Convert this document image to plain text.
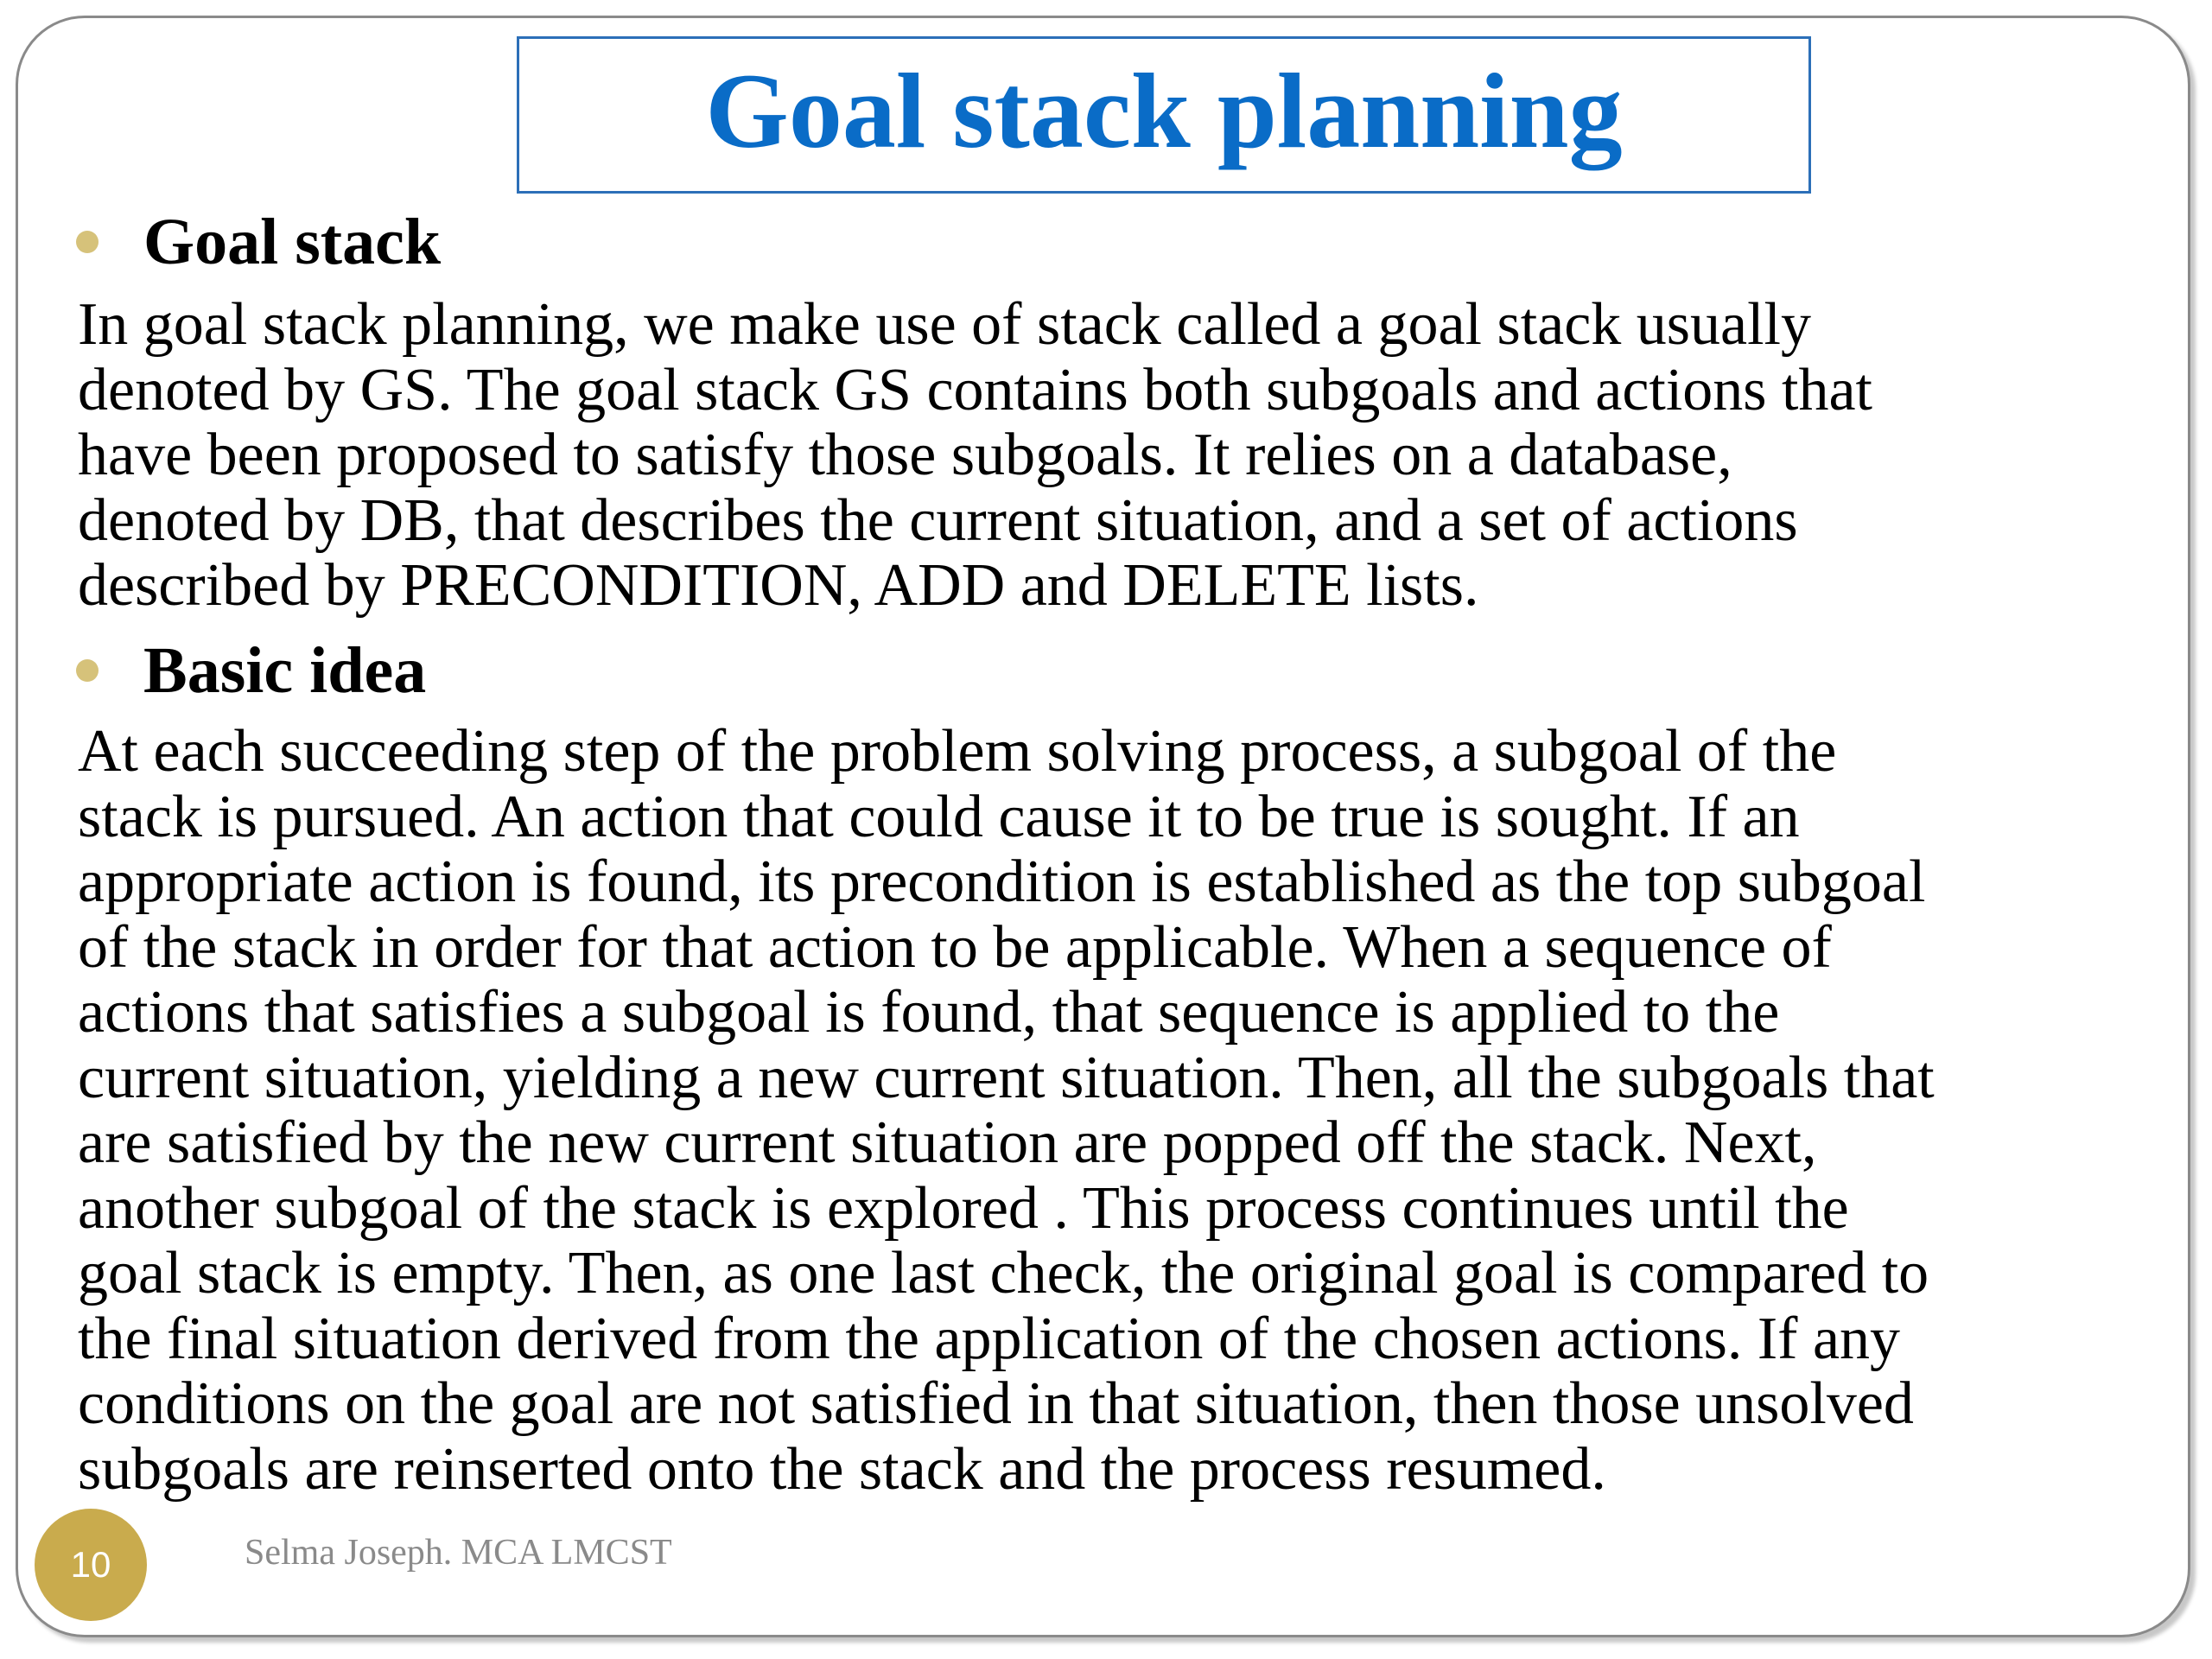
Goal stack planning
Goal stack
In goal stack planning, we make use of stack called a goal stack usually
denoted by GS. The goal stack GS contains both subgoals and actions that
have been proposed to satisfy those subgoals. It relies on a database,
denoted by DB, that describes the current situation, and a set of actions
described by PRECONDITION, ADD and DELETE lists.
Basic idea
At each succeeding step of the problem solving process, a subgoal of the
stack is pursued. An action that could cause it to be true is sought. If an
appropriate action is found, its precondition is established as the top subgoal
of the stack in order for that action to be applicable. When a sequence of
actions that satisfies a subgoal is found, that sequence is applied to the
current situation, yielding a new current situation. Then, all the subgoals that
are satisfied by the new current situation are popped off the stack. Next,
another subgoal of the stack is explored . This process continues until the
goal stack is empty. Then, as one last check, the original goal is compared to
the final situation derived from the application of the chosen actions. If any
conditions on the goal are not satisfied in that situation, then those unsolved
subgoals are reinserted onto the stack and the process resumed.
10	Selma Joseph. MCA LMCST
